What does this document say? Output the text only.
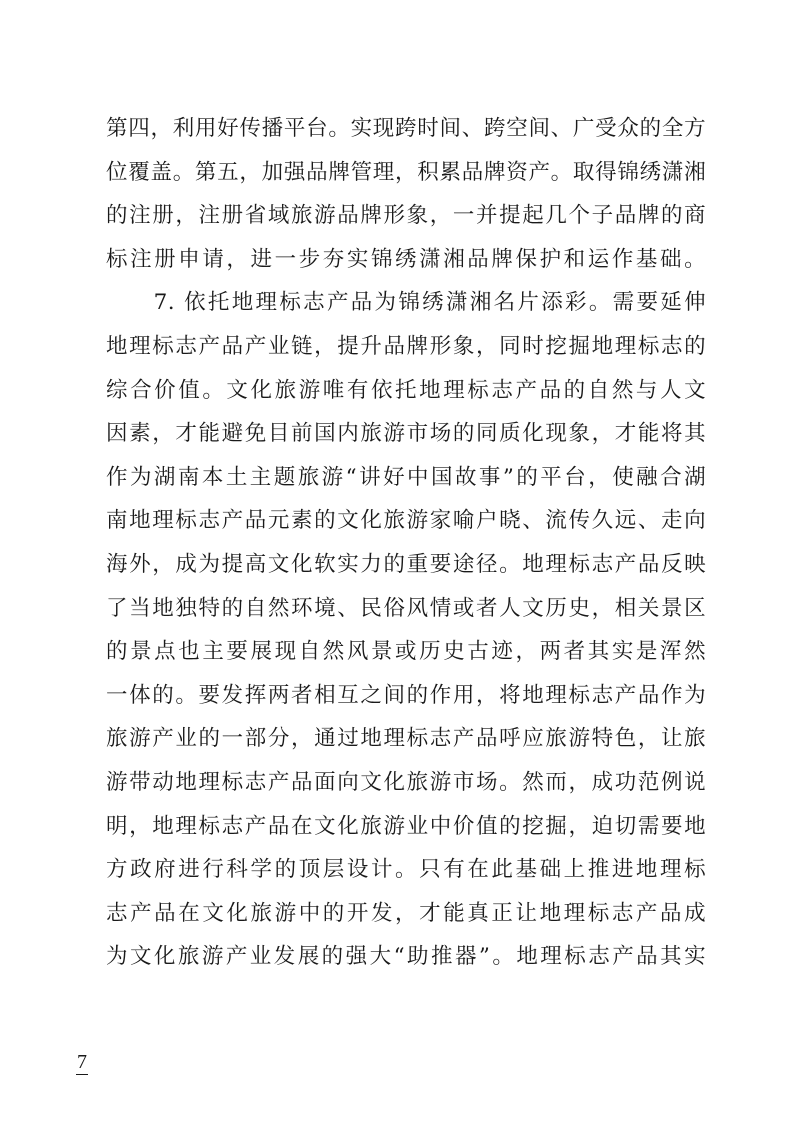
第四，利用好传播平台。实现跨时间、跨空间、广受众的全方
位覆盖。第五，加强品牌管理，积累品牌资产。取得锦绣潇湘
的注册，注册省域旅游品牌形象，一并提起几个子品牌的商
标注册申请，进一步夯实锦绣潇湘品牌保护和运作基础。
　　7. 依托地理标志产品为锦绣潇湘名片添彩。需要延伸
地理标志产品产业链，提升品牌形象，同时挖掘地理标志的
综合价值。文化旅游唯有依托地理标志产品的自然与人文
因素，才能避免目前国内旅游市场的同质化现象，才能将其
作为湖南本土主题旅游“讲好中国故事”的平台，使融合湖
南地理标志产品元素的文化旅游家喻户晓、流传久远、走向
海外，成为提高文化软实力的重要途径。地理标志产品反映
了当地独特的自然环境、民俗风情或者人文历史，相关景区
的景点也主要展现自然风景或历史古迹，两者其实是浑然
一体的。要发挥两者相互之间的作用，将地理标志产品作为
旅游产业的一部分，通过地理标志产品呼应旅游特色，让旅
游带动地理标志产品面向文化旅游市场。然而，成功范例说
明，地理标志产品在文化旅游业中价值的挖掘，迫切需要地
方政府进行科学的顶层设计。只有在此基础上推进地理标
志产品在文化旅游中的开发，才能真正让地理标志产品成
为文化旅游产业发展的强大“助推器”。地理标志产品其实
7
